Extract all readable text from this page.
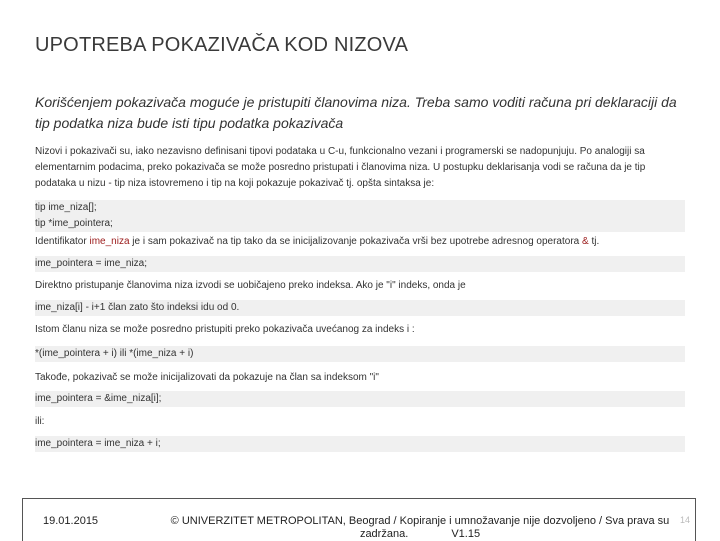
UPOTREBA POKAZIVAČA KOD NIZOVA
Korišćenjem pokazivača moguće je pristupiti članovima niza. Treba samo voditi računa pri deklaraciji da tip podatka niza bude isti tipu podatka pokazivača
Nizovi i pokazivači su, iako nezavisno definisani tipovi podataka u C-u, funkcionalno vezani i programerski se nadopunjuju. Po analogiji sa elementarnim podacima, preko pokazivača se može posredno pristupati i članovima niza. U postupku deklarisanja vodi se računa da je tip podataka u nizu - tip niza istovremeno i tip na koji pokazuje pokazivač tj. opšta sintaksa je:
tip ime_niza[];
tip *ime_pointera;
Identifikator ime_niza je i sam pokazivač na tip tako da se inicijalizovanje pokazivača vrši bez upotrebe adresnog operatora & tj.
ime_pointera = ime_niza;
Direktno pristupanje članovima niza izvodi se uobičajeno preko indeksa. Ako je "i" indeks, onda je
ime_niza[i] - i+1 član zato što indeksi idu od 0.
Istom članu niza se može posredno pristupiti preko pokazivača uvećanog za indeks i :
*(ime_pointera + i) ili *(ime_niza + i)
Takođe, pokazivač se može inicijalizovati da pokazuje na član sa indeksom "i"
ime_pointera = &ime_niza[i];
ili:
ime_pointera = ime_niza + i;
19.01.2015	© UNIVERZITET METROPOLITAN, Beograd / Kopiranje i umnožavanje nije dozvoljeno / Sva prava su zadržana.	V1.15
14
